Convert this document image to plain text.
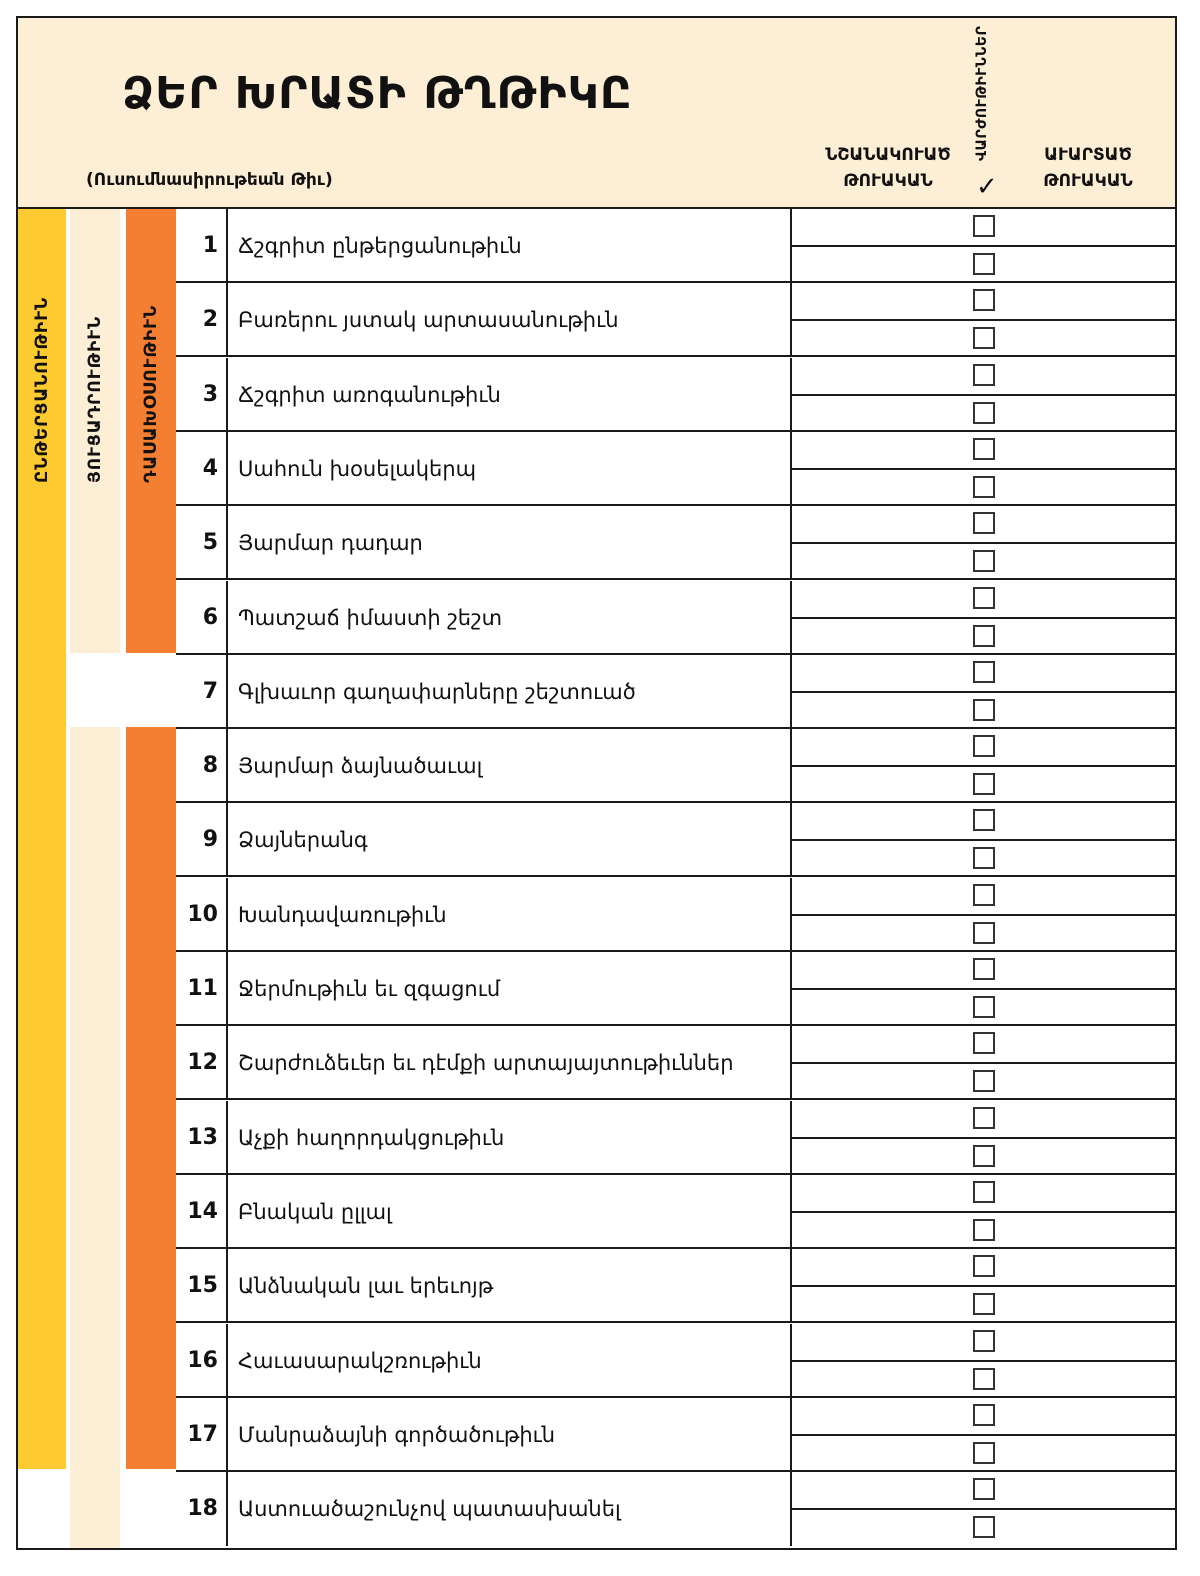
ՁԵՐ ԽՐԱՏԻ ԹՂԹԻԿԸ
(Ուսումնասիրութեան Թիւ)
ՆՇԱՆԱԿՈՒԱԾ
ԹՈՒԱԿԱՆ
ՎԱՐԺՈՒԹԻՒՆՆԵՐ
✓
ԱՒԱՐՏԱԾ
ԹՈՒԱԿԱՆ
ԸՆԹԵՐՑԱՆՈՒԹԻՒՆ	ՅՈՒՑԱԴՐՈՒԹԻՒՆ	ԴԱՍԱԽՕՍՈՒԹԻՒՆ
1 Ճշգրիտ ընթերցանութիւն
2 Բառերու յստակ արտասանութիւն
3 Ճշգրիտ առոգանութիւն
4 Սահուն խօսելակերպ
5 Յարմար դադար
6 Պատշաճ իմաստի շեշտ
7 Գլխաւոր գաղափարները շեշտուած
8 Յարմար ձայնածաւալ
9 Ձայներանգ
10 Խանդավառութիւն
11 Ջերմութիւն եւ զգացում
12 Շարժուձեւեր եւ դէմքի արտայայտութիւններ
13 Աչքի հաղորդակցութիւն
14 Բնական ըլլալ
15 Անձնական լաւ երեւոյթ
16 Հաւասարակշռութիւն
17 Մանրաձայնի գործածութիւն
18 Աստուածաշունչով պատասխանել
